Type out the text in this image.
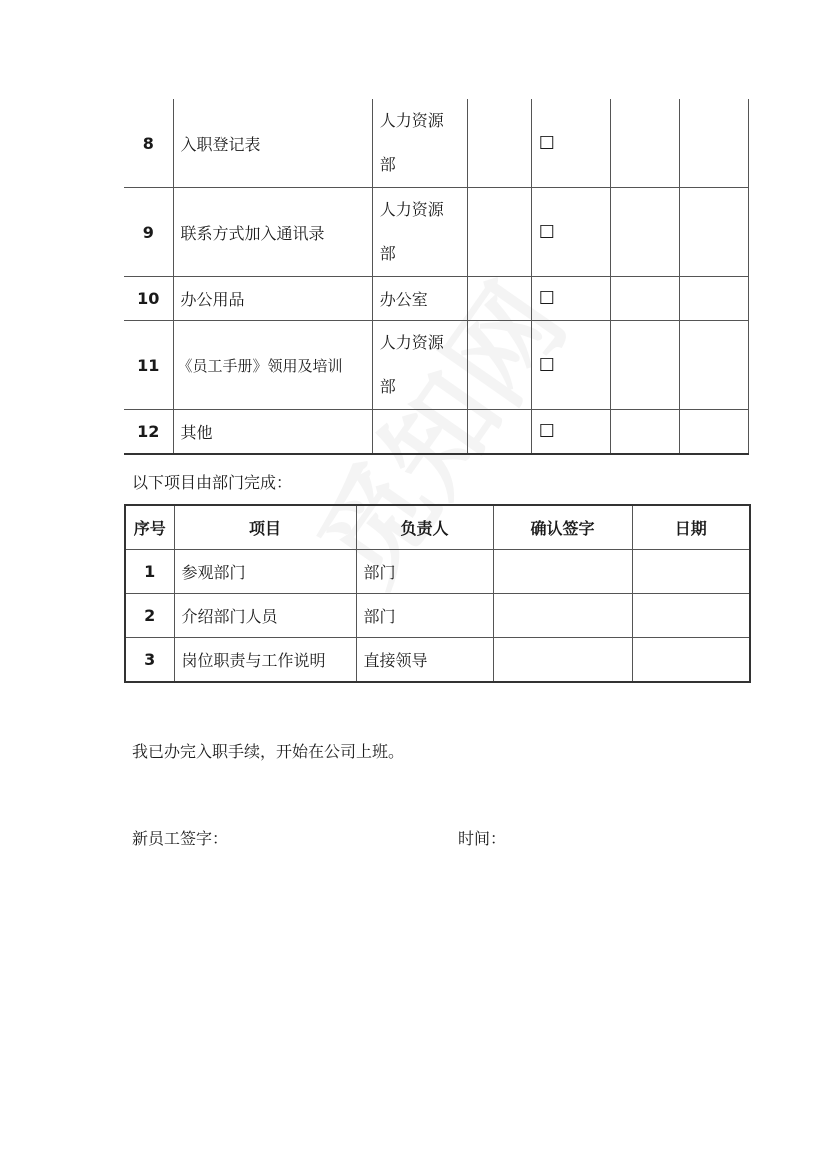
8	入职登记表	人力资源
部		☐		
9	联系方式加入通讯录	人力资源
部		☐		
10	办公用品	办公室		☐		
11	《员工手册》领用及培训	人力资源
部		☐		
12	其他			☐		
以下项目由部门完成：
序号	项目	负责人	确认签字	日期
1	参观部门	部门		
2	介绍部门人员	部门		
3	岗位职责与工作说明	直接领导		
我已办完入职手续，开始在公司上班。
新员工签字：	时间：
